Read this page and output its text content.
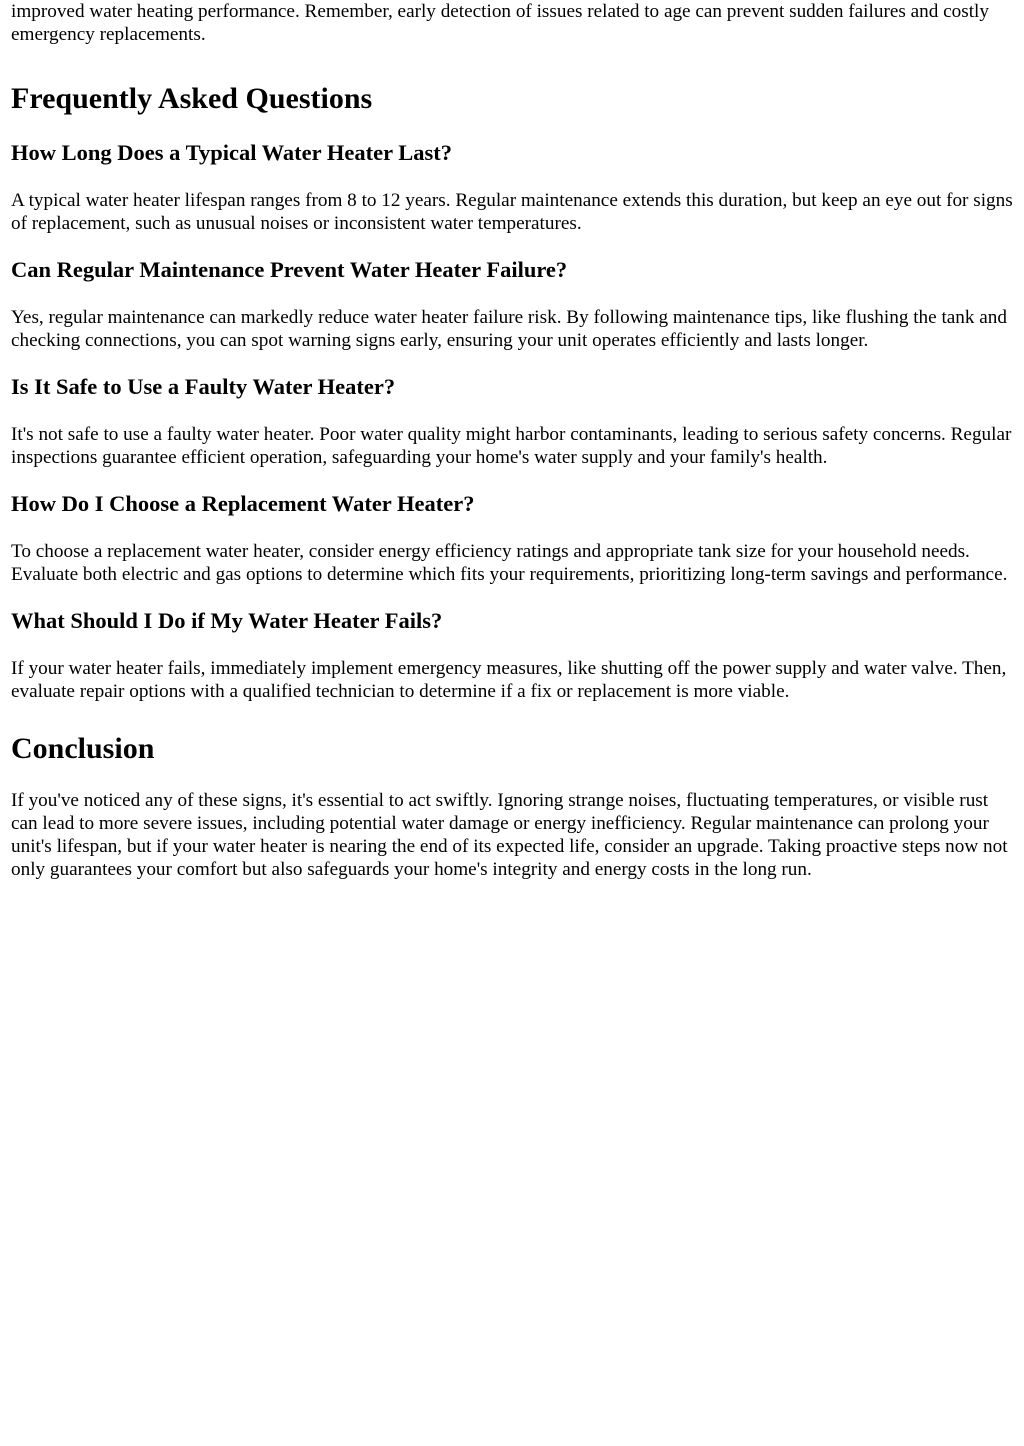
improved water heating performance. Remember, early detection of issues related to age can prevent sudden failures and costly emergency replacements.

Frequently Asked Questions
How Long Does a Typical Water Heater Last?

A typical water heater lifespan ranges from 8 to 12 years. Regular maintenance extends this duration, but keep an eye out for signs of replacement, such as unusual noises or inconsistent water temperatures.

Can Regular Maintenance Prevent Water Heater Failure?

Yes, regular maintenance can markedly reduce water heater failure risk. By following maintenance tips, like flushing the tank and checking connections, you can spot warning signs early, ensuring your unit operates efficiently and lasts longer.

Is It Safe to Use a Faulty Water Heater?

It's not safe to use a faulty water heater. Poor water quality might harbor contaminants, leading to serious safety concerns. Regular inspections guarantee efficient operation, safeguarding your home's water supply and your family's health.

How Do I Choose a Replacement Water Heater?

To choose a replacement water heater, consider energy efficiency ratings and appropriate tank size for your household needs. Evaluate both electric and gas options to determine which fits your requirements, prioritizing long-term savings and performance.

What Should I Do if My Water Heater Fails?

If your water heater fails, immediately implement emergency measures, like shutting off the power supply and water valve. Then, evaluate repair options with a qualified technician to determine if a fix or replacement is more viable.

Conclusion

If you've noticed any of these signs, it's essential to act swiftly. Ignoring strange noises, fluctuating temperatures, or visible rust can lead to more severe issues, including potential water damage or energy inefficiency. Regular maintenance can prolong your unit's lifespan, but if your water heater is nearing the end of its expected life, consider an upgrade. Taking proactive steps now not only guarantees your comfort but also safeguards your home's integrity and energy costs in the long run.
